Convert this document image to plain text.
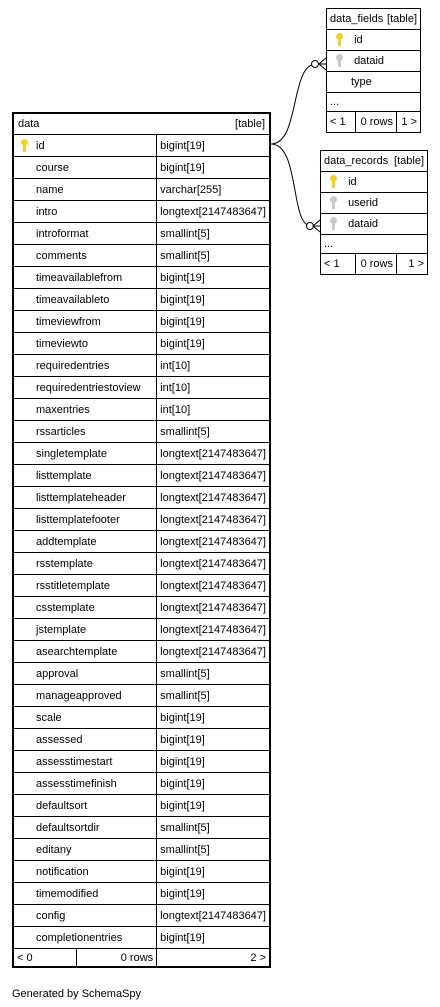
data_fields [table]

id

dataid
type
...
< 1	0 rows	1 >
data_records [table]

id

userid

dataid
...
< 1	0 rows	1 >
data [table]		

id		bigint[19]
course		bigint[19]
name		varchar[255]
intro		longtext[2147483647]
introformat		smallint[5]
comments		smallint[5]
timeavailablefrom		bigint[19]
timeavailableto		bigint[19]
timeviewfrom		bigint[19]
timeviewto		bigint[19]
requiredentries		int[10]
requiredentriestoview		int[10]
maxentries		int[10]
rssarticles		smallint[5]
singletemplate		longtext[2147483647]
listtemplate		longtext[2147483647]
listtemplateheader		longtext[2147483647]
listtemplatefooter		longtext[2147483647]
addtemplate		longtext[2147483647]
rsstemplate		longtext[2147483647]
rsstitletemplate		longtext[2147483647]
csstemplate		longtext[2147483647]
jstemplate		longtext[2147483647]
asearchtemplate		longtext[2147483647]
approval		smallint[5]
manageapproved		smallint[5]
scale		bigint[19]
assessed		bigint[19]
assesstimestart		bigint[19]
assesstimefinish		bigint[19]
defaultsort		bigint[19]
defaultsortdir		smallint[5]
editany		smallint[5]
notification		bigint[19]
timemodified		bigint[19]
config		longtext[2147483647]
completionentries		bigint[19]
< 0	0 rows	2 >
Generated by SchemaSpy
